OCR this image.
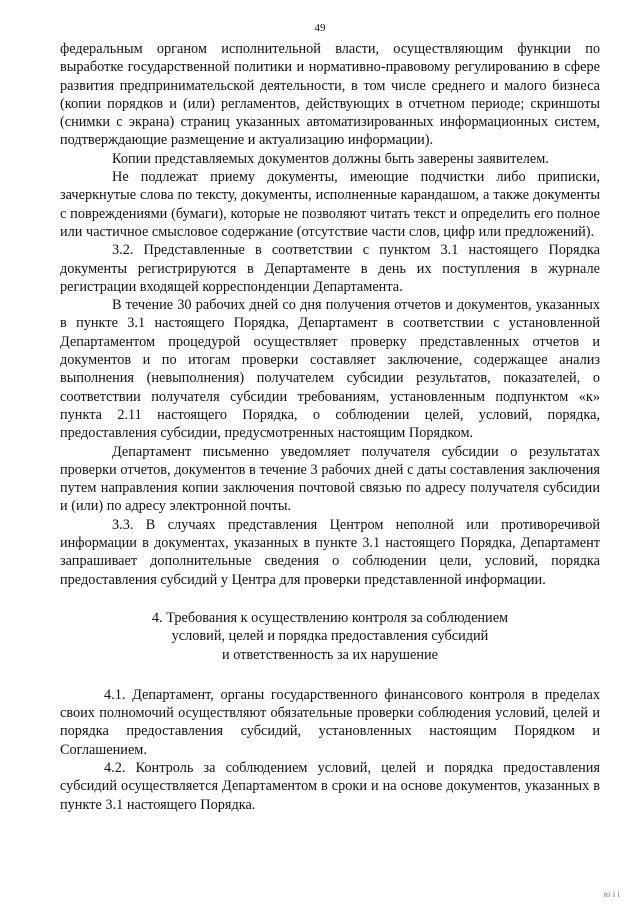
49

федеральным органом исполнительной власти, осуществляющим функции по выработке государственной политики и нормативно-правовому регулированию в сфере развития предпринимательской деятельности, в том числе среднего и малого бизнеса (копии порядков и (или) регламентов, действующих в отчетном периоде; скриншоты (снимки с экрана) страниц указанных автоматизированных информационных систем, подтверждающие размещение и актуализацию информации).

Копии представляемых документов должны быть заверены заявителем.

Не подлежат приему документы, имеющие подчистки либо приписки, зачеркнутые слова по тексту, документы, исполненные карандашом, а также документы с повреждениями (бумаги), которые не позволяют читать текст и определить его полное или частичное смысловое содержание (отсутствие части слов, цифр или предложений).

3.2. Представленные в соответствии с пунктом 3.1 настоящего Порядка документы регистрируются в Департаменте в день их поступления в журнале регистрации входящей корреспонденции Департамента.

В течение 30 рабочих дней со дня получения отчетов и документов, указанных в пункте 3.1 настоящего Порядка, Департамент в соответствии с установленной Департаментом процедурой осуществляет проверку представленных отчетов и документов и по итогам проверки составляет заключение, содержащее анализ выполнения (невыполнения) получателем субсидии результатов, показателей, о соответствии получателя субсидии требованиям, установленным подпунктом «к» пункта 2.11 настоящего Порядка, о соблюдении целей, условий, порядка, предоставления субсидии, предусмотренных настоящим Порядком.

Департамент письменно уведомляет получателя субсидии о результатах проверки отчетов, документов в течение 3 рабочих дней с даты составления заключения путем направления копии заключения почтовой связью по адресу получателя субсидии и (или) по адресу электронной почты.

3.3. В случаях представления Центром неполной или противоречивой информации в документах, указанных в пункте 3.1 настоящего Порядка, Департамент запрашивает дополнительные сведения о соблюдении цели, условий, порядка предоставления субсидий у Центра для проверки представленной информации.

4. Требования к осуществлению контроля за соблюдением
условий, целей и порядка предоставления субсидий
и ответственность за их нарушение

4.1. Департамент, органы государственного финансового контроля в пределах своих полномочий осуществляют обязательные проверки соблюдения условий, целей и порядка предоставления субсидий, установленных настоящим Порядком и Соглашением.

4.2. Контроль за соблюдением условий, целей и порядка предоставления субсидий осуществляется Департаментом в сроки и на основе документов, указанных в пункте 3.1 настоящего Порядка.

ю і і
